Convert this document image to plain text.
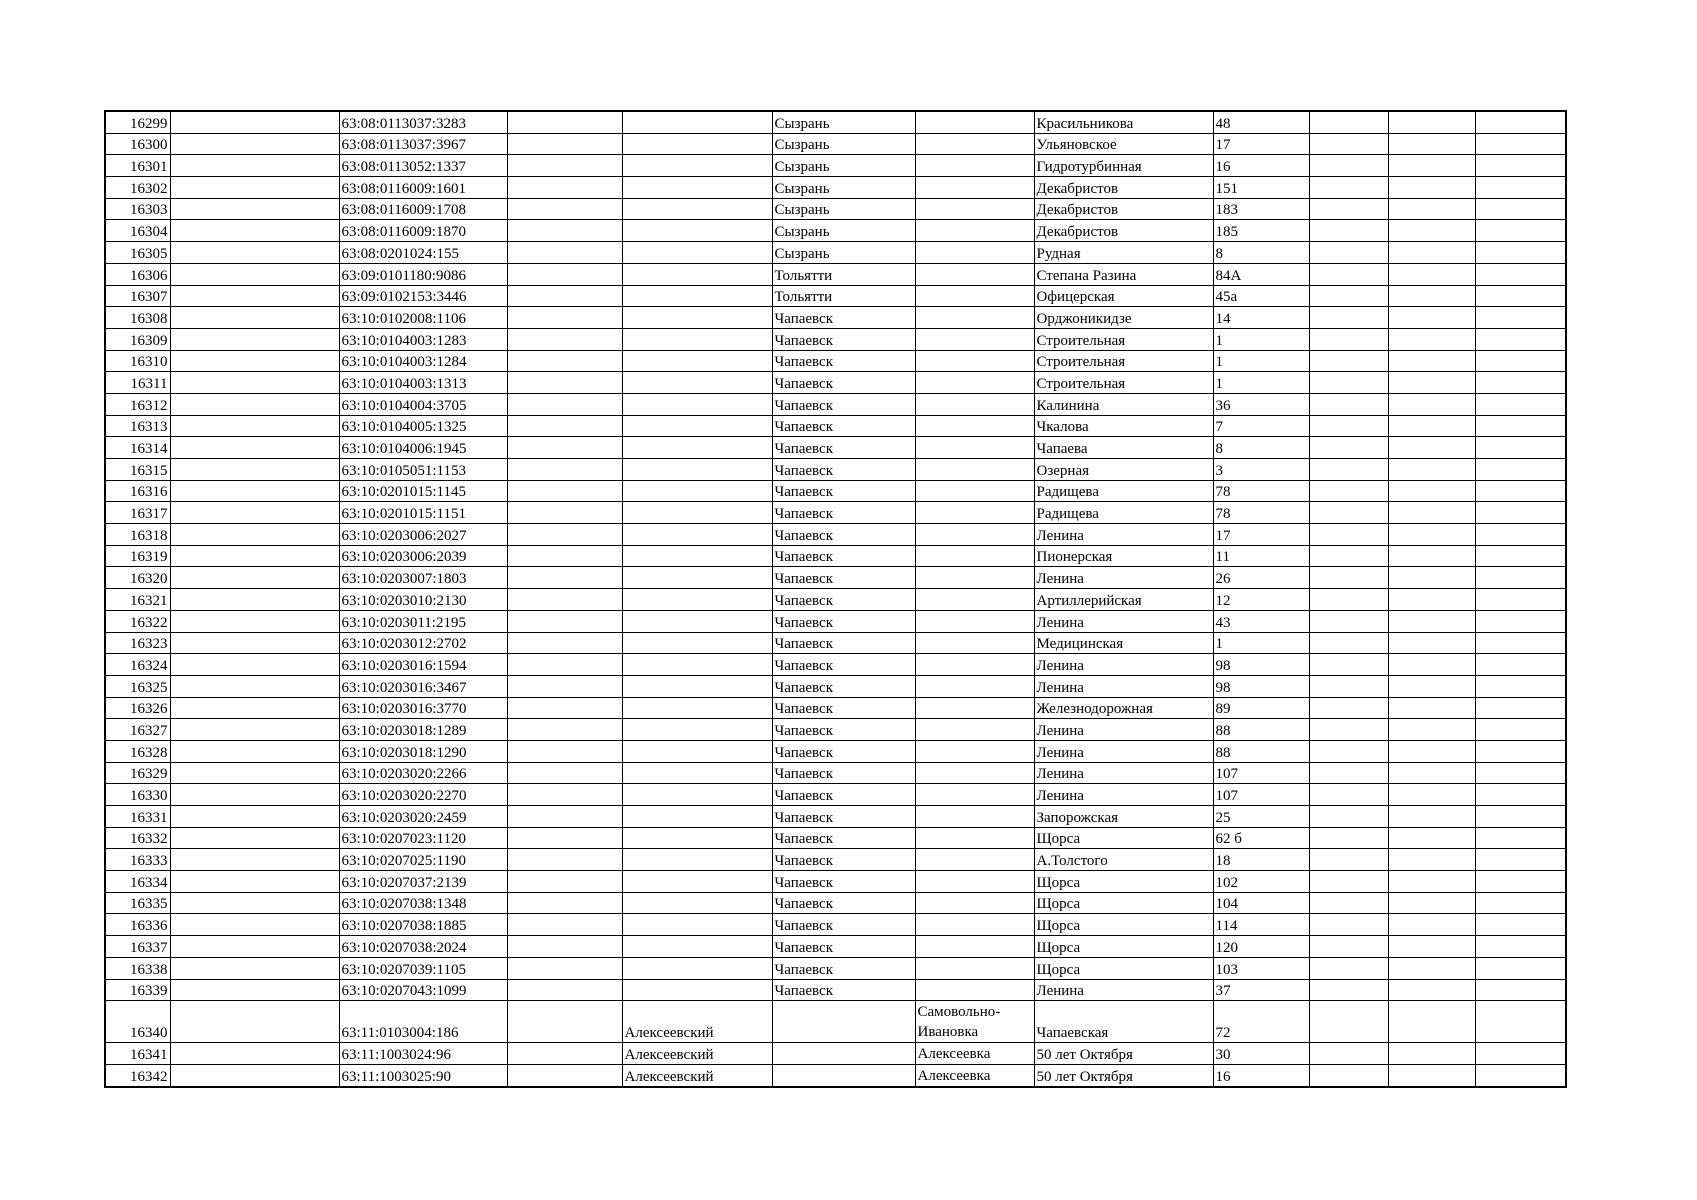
16299		63:08:0113037:3283			Сызрань		Красильникова	48			
16300		63:08:0113037:3967			Сызрань		Ульяновское	17			
16301		63:08:0113052:1337			Сызрань		Гидротурбинная	16			
16302		63:08:0116009:1601			Сызрань		Декабристов	151			
16303		63:08:0116009:1708			Сызрань		Декабристов	183			
16304		63:08:0116009:1870			Сызрань		Декабристов	185			
16305		63:08:0201024:155			Сызрань		Рудная	8			
16306		63:09:0101180:9086			Тольятти		Степана Разина	84А			
16307		63:09:0102153:3446			Тольятти		Офицерская	45а			
16308		63:10:0102008:1106			Чапаевск		Орджоникидзе	14			
16309		63:10:0104003:1283			Чапаевск		Строительная	1			
16310		63:10:0104003:1284			Чапаевск		Строительная	1			
16311		63:10:0104003:1313			Чапаевск		Строительная	1			
16312		63:10:0104004:3705			Чапаевск		Калинина	36			
16313		63:10:0104005:1325			Чапаевск		Чкалова	7			
16314		63:10:0104006:1945			Чапаевск		Чапаева	8			
16315		63:10:0105051:1153			Чапаевск		Озерная	3			
16316		63:10:0201015:1145			Чапаевск		Радищева	78			
16317		63:10:0201015:1151			Чапаевск		Радищева	78			
16318		63:10:0203006:2027			Чапаевск		Ленина	17			
16319		63:10:0203006:2039			Чапаевск		Пионерская	11			
16320		63:10:0203007:1803			Чапаевск		Ленина	26			
16321		63:10:0203010:2130			Чапаевск		Артиллерийская	12			
16322		63:10:0203011:2195			Чапаевск		Ленина	43			
16323		63:10:0203012:2702			Чапаевск		Медицинская	1			
16324		63:10:0203016:1594			Чапаевск		Ленина	98			
16325		63:10:0203016:3467			Чапаевск		Ленина	98			
16326		63:10:0203016:3770			Чапаевск		Железнодорожная	89			
16327		63:10:0203018:1289			Чапаевск		Ленина	88			
16328		63:10:0203018:1290			Чапаевск		Ленина	88			
16329		63:10:0203020:2266			Чапаевск		Ленина	107			
16330		63:10:0203020:2270			Чапаевск		Ленина	107			
16331		63:10:0203020:2459			Чапаевск		Запорожская	25			
16332		63:10:0207023:1120			Чапаевск		Щорса	62 б			
16333		63:10:0207025:1190			Чапаевск		А.Толстого	18			
16334		63:10:0207037:2139			Чапаевск		Щорса	102			
16335		63:10:0207038:1348			Чапаевск		Щорса	104			
16336		63:10:0207038:1885			Чапаевск		Щорса	114			
16337		63:10:0207038:2024			Чапаевск		Щорса	120			
16338		63:10:0207039:1105			Чапаевск		Щорса	103			
16339		63:10:0207043:1099			Чапаевск		Ленина	37			
16340		63:11:0103004:186		Алексеевский		Самовольно-Ивановка	Чапаевская	72			
16341		63:11:1003024:96		Алексеевский		Алексеевка	50 лет Октября	30			
16342		63:11:1003025:90		Алексеевский		Алексеевка	50 лет Октября	16			
